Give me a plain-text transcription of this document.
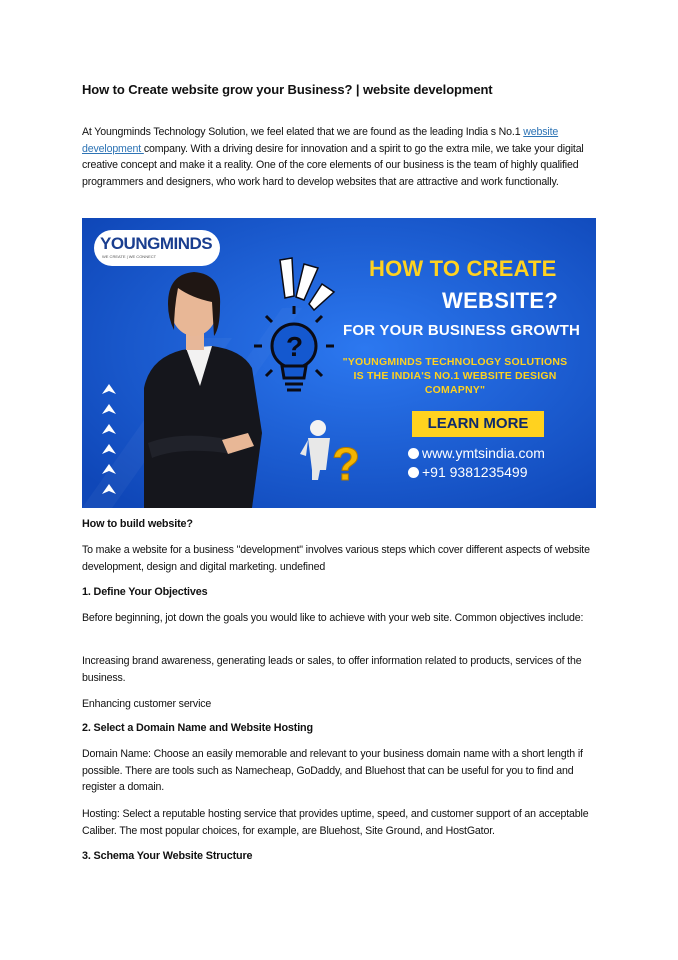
How to Create website grow your Business? | website development
At Youngminds Technology Solution, we feel elated that we are found as the leading India s No.1 website development company. With a driving desire for innovation and a spirit to go the extra mile, we take your digital creative concept and make it a reality. One of the core elements of our business is the team of highly qualified programmers and designers, who work hard to develop websites that are attractive and work functionally.
?
?
YOUNGMINDS
WE CREATE | WE CONNECT	HOW TO CREATE
WEBSITE?
FOR YOUR BUSINESS GROWTH
"YOUNGMINDS TECHNOLOGY SOLUTIONS IS THE INDIA'S NO.1 WEBSITE DESIGN COMAPNY"
LEARN MORE
www.ymtsindia.com
+91 9381235499
How to build website?
To make a website for a business "development" involves various steps which cover different aspects of website development, design and digital marketing. undefined
1. Define Your Objectives
Before beginning, jot down the goals you would like to achieve with your web site. Common objectives include:
Increasing brand awareness, generating leads or sales, to offer information related to products, services of the business.
Enhancing customer service
2. Select a Domain Name and Website Hosting
Domain Name: Choose an easily memorable and relevant to your business domain name with a short length if possible. There are tools such as Namecheap, GoDaddy, and Bluehost that can be useful for you to find and register a domain.
Hosting: Select a reputable hosting service that provides uptime, speed, and customer support of an acceptable Caliber. The most popular choices, for example, are Bluehost, Site Ground, and HostGator.
3. Schema Your Website Structure
